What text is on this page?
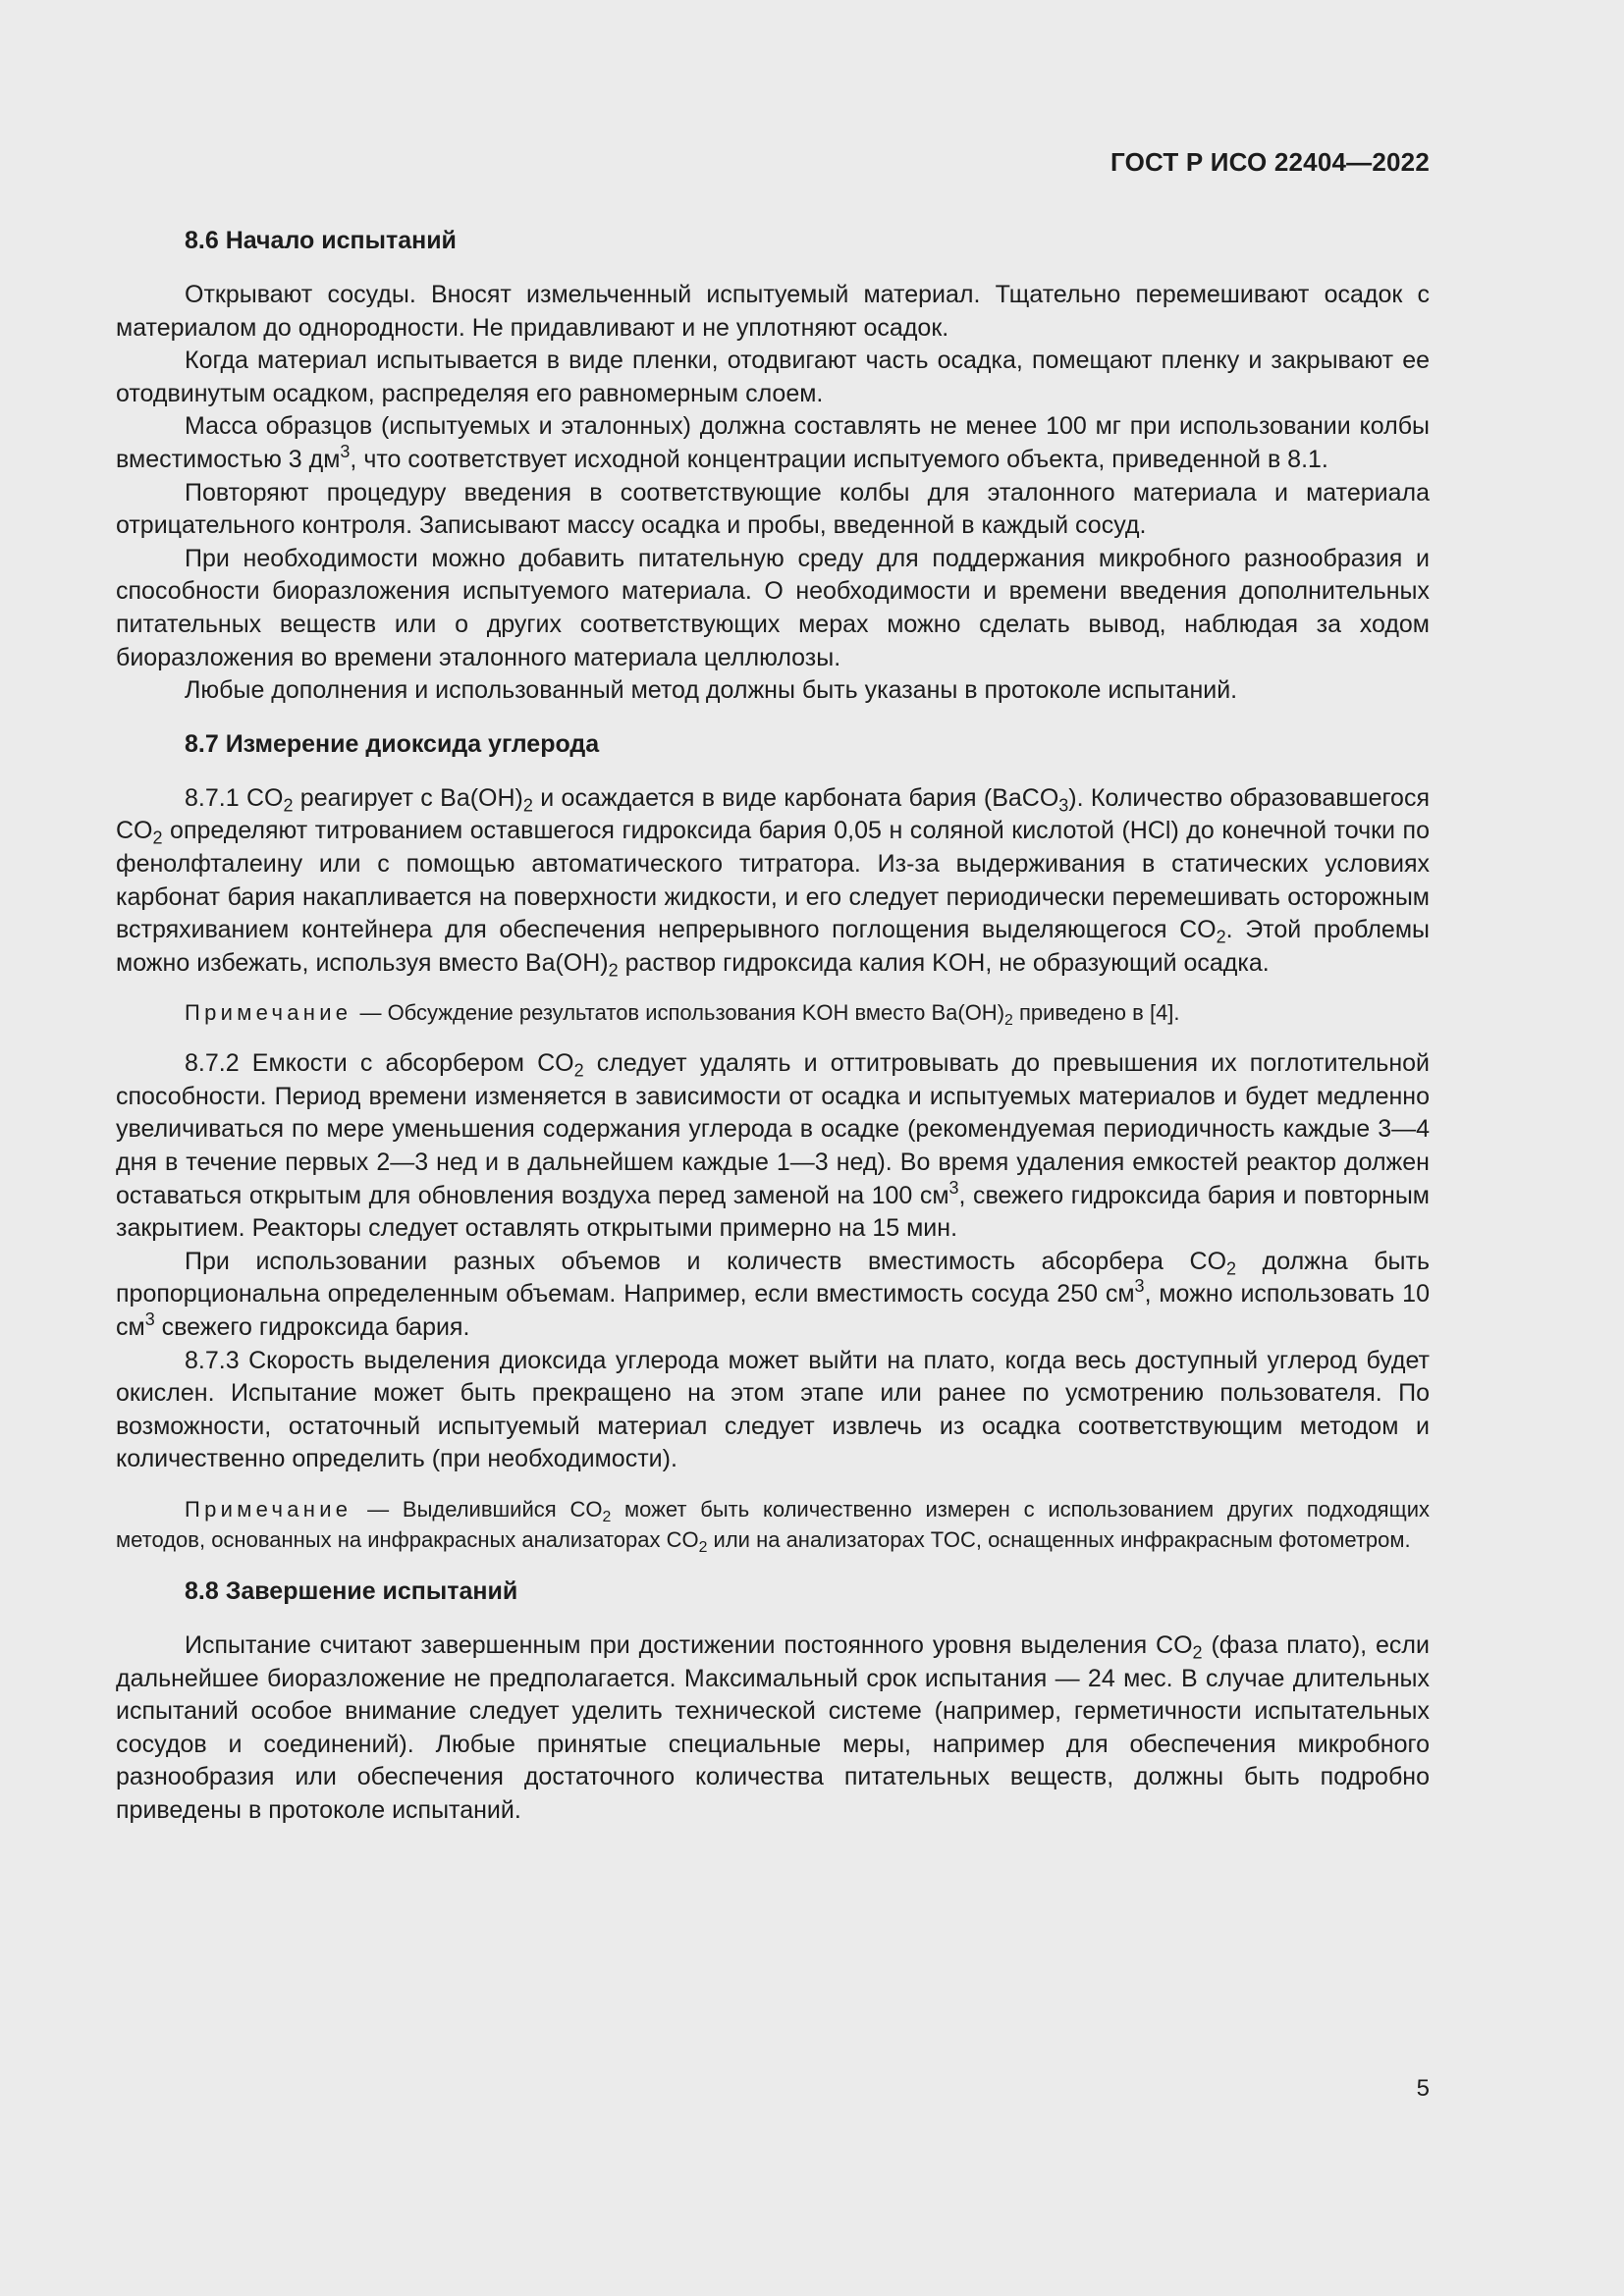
ГОСТ Р ИСО 22404—2022
8.6 Начало испытаний

Открывают сосуды. Вносят измельченный испытуемый материал. Тщательно перемешивают осадок с материалом до однородности. Не придавливают и не уплотняют осадок.

Когда материал испытывается в виде пленки, отодвигают часть осадка, помещают пленку и закрывают ее отодвинутым осадком, распределяя его равномерным слоем.

Масса образцов (испытуемых и эталонных) должна составлять не менее 100 мг при использовании колбы вместимостью 3 $дм^3$, что соответствует исходной концентрации испытуемого объекта, приведенной в 8.1.

Повторяют процедуру введения в соответствующие колбы для эталонного материала и материала отрицательного контроля. Записывают массу осадка и пробы, введенной в каждый сосуд.

При необходимости можно добавить питательную среду для поддержания микробного разнообразия и способности биоразложения испытуемого материала. О необходимости и времени введения дополнительных питательных веществ или о других соответствующих мерах можно сделать вывод, наблюдая за ходом биоразложения во времени эталонного материала целлюлозы.

Любые дополнения и использованный метод должны быть указаны в протоколе испытаний.

8.7 Измерение диоксида углерода

8.7.1 $CO_2$ реагирует с $Ba(OH)_2$ и осаждается в виде карбоната бария (BaCO$_3$). Количество образовавшегося $CO_2$ определяют титрованием оставшегося гидроксида бария 0,05 н соляной кислотой (HCl) до конечной точки по фенолфталеину или с помощью автоматического титратора. Из-за выдерживания в статических условиях карбонат бария накапливается на поверхности жидкости, и его следует периодически перемешивать осторожным встряхиванием контейнера для обеспечения непрерывного поглощения выделяющегося $CO_2$. Этой проблемы можно избежать, используя вместо $Ba(OH)_2$ раствор гидроксида калия KOH, не образующий осадка.

Примечание — Обсуждение результатов использования KOH вместо $Ba(OH)_2$ приведено в [4].

8.7.2 Емкости с абсорбером $CO_2$ следует удалять и оттитровывать до превышения их поглотительной способности. Период времени изменяется в зависимости от осадка и испытуемых материалов и будет медленно увеличиваться по мере уменьшения содержания углерода в осадке (рекомендуемая периодичность каждые 3—4 дня в течение первых 2—3 нед и в дальнейшем каждые 1—3 нед). Во время удаления емкостей реактор должен оставаться открытым для обновления воздуха перед заменой на 100 $см^3$, свежего гидроксида бария и повторным закрытием. Реакторы следует оставлять открытыми примерно на 15 мин.

При использовании разных объемов и количеств вместимость абсорбера $CO_2$ должна быть пропорциональна определенным объемам. Например, если вместимость сосуда 250 $см^3$, можно использовать 10 $см^3$ свежего гидроксида бария.

8.7.3 Скорость выделения диоксида углерода может выйти на плато, когда весь доступный углерод будет окислен. Испытание может быть прекращено на этом этапе или ранее по усмотрению пользователя. По возможности, остаточный испытуемый материал следует извлечь из осадка соответствующим методом и количественно определить (при необходимости).

Примечание — Выделившийся $CO_2$ может быть количественно измерен с использованием других подходящих методов, основанных на инфракрасных анализаторах $CO_2$ или на анализаторах TOC, оснащенных инфракрасным фотометром.
8.8 Завершение испытаний

Испытание считают завершенным при достижении постоянного уровня выделения $CO_2$ (фаза плато), если дальнейшее биоразложение не предполагается. Максимальный срок испытания — 24 мес. В случае длительных испытаний особое внимание следует уделить технической системе (например, герметичности испытательных сосудов и соединений). Любые принятые специальные меры, например для обеспечения микробного разнообразия или обеспечения достаточного количества питательных веществ, должны быть подробно приведены в протоколе испытаний.

5
